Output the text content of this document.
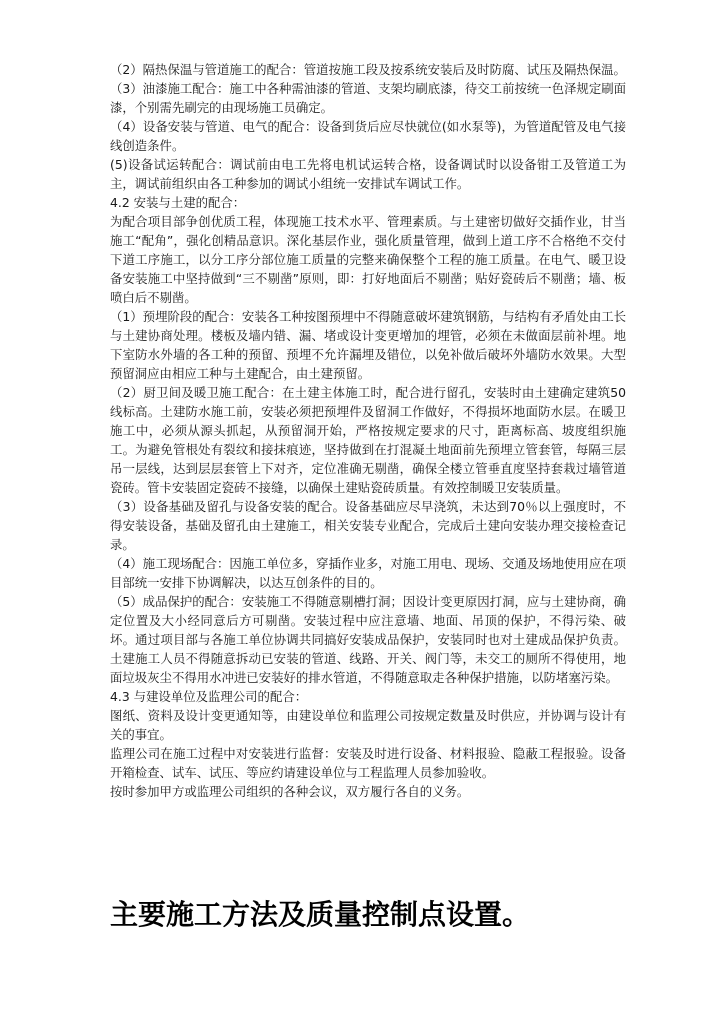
（2）隔热保温与管道施工的配合：管道按施工段及按系统安装后及时防腐、试压及隔热保温。

（3）油漆施工配合：施工中各种需油漆的管道、支架均刷底漆，待交工前按统一色泽规定刷面漆，个别需先刷完的由现场施工员确定。

（4）设备安装与管道、电气的配合：设备到货后应尽快就位(如水泵等)，为管道配管及电气接线创造条件。

(5)设备试运转配合：调试前由电工先将电机试运转合格，设备调试时以设备钳工及管道工为主，调试前组织由各工种参加的调试小组统一安排试车调试工作。

4.2 安装与土建的配合：

为配合项目部争创优质工程，体现施工技术水平、管理素质。与土建密切做好交插作业，甘当施工“配角”，强化创精品意识。深化基层作业，强化质量管理，做到上道工序不合格绝不交付下道工序施工，以分工序分部位施工质量的完整来确保整个工程的施工质量。在电气、暖卫设备安装施工中坚持做到“三不剔凿”原则，即：打好地面后不剔凿；贴好瓷砖后不剔凿；墙、板喷白后不剔凿。

（1）预埋阶段的配合：安装各工种按图预埋中不得随意破坏建筑钢筋，与结构有矛盾处由工长与土建协商处理。楼板及墙内错、漏、堵或设计变更增加的埋管，必须在未做面层前补埋。地下室防水外墙的各工种的预留、预埋不允许漏埋及错位，以免补做后破坏外墙防水效果。大型预留洞应由相应工种与土建配合，由土建预留。

（2）厨卫间及暖卫施工配合：在土建主体施工时，配合进行留孔，安装时由土建确定建筑50线标高。土建防水施工前，安装必须把预埋件及留洞工作做好，不得损坏地面防水层。在暖卫施工中，必须从源头抓起，从预留洞开始，严格按规定要求的尺寸，距离标高、坡度组织施工。为避免管根处有裂纹和接抹痕迹，坚持做到在打混凝土地面前先预埋立管套管，每隔三层吊一层线，达到层层套管上下对齐，定位准确无剔凿，确保全楼立管垂直度坚持套栽过墙管道瓷砖。管卡安装固定瓷砖不接缝，以确保土建贴瓷砖质量。有效控制暖卫安装质量。

（3）设备基础及留孔与设备安装的配合。设备基础应尽早浇筑，未达到70％以上强度时，不得安装设备，基础及留孔由土建施工，相关安装专业配合，完成后土建向安装办理交接检查记录。

（4）施工现场配合：因施工单位多，穿插作业多，对施工用电、现场、交通及场地使用应在项目部统一安排下协调解决，以达互创条件的目的。

（5）成品保护的配合：安装施工不得随意剔槽打洞；因设计变更原因打洞，应与土建协商，确定位置及大小经同意后方可剔凿。安装过程中应注意墙、地面、吊顶的保护，不得污染、破坏。通过项目部与各施工单位协调共同搞好安装成品保护，安装同时也对土建成品保护负责。土建施工人员不得随意拆动已安装的管道、线路、开关、阀门等，未交工的厕所不得使用，地面垃圾灰尘不得用水冲进已安装好的排水管道，不得随意取走各种保护措施，以防堵塞污染。

4.3 与建设单位及监理公司的配合：

图纸、资料及设计变更通知等，由建设单位和监理公司按规定数量及时供应，并协调与设计有关的事宜。

监理公司在施工过程中对安装进行监督：安装及时进行设备、材料报验、隐蔽工程报验。设备开箱检查、试车、试压、等应约请建设单位与工程监理人员参加验收。

按时参加甲方或监理公司组织的各种会议，双方履行各自的义务。

主要施工方法及质量控制点设置。
